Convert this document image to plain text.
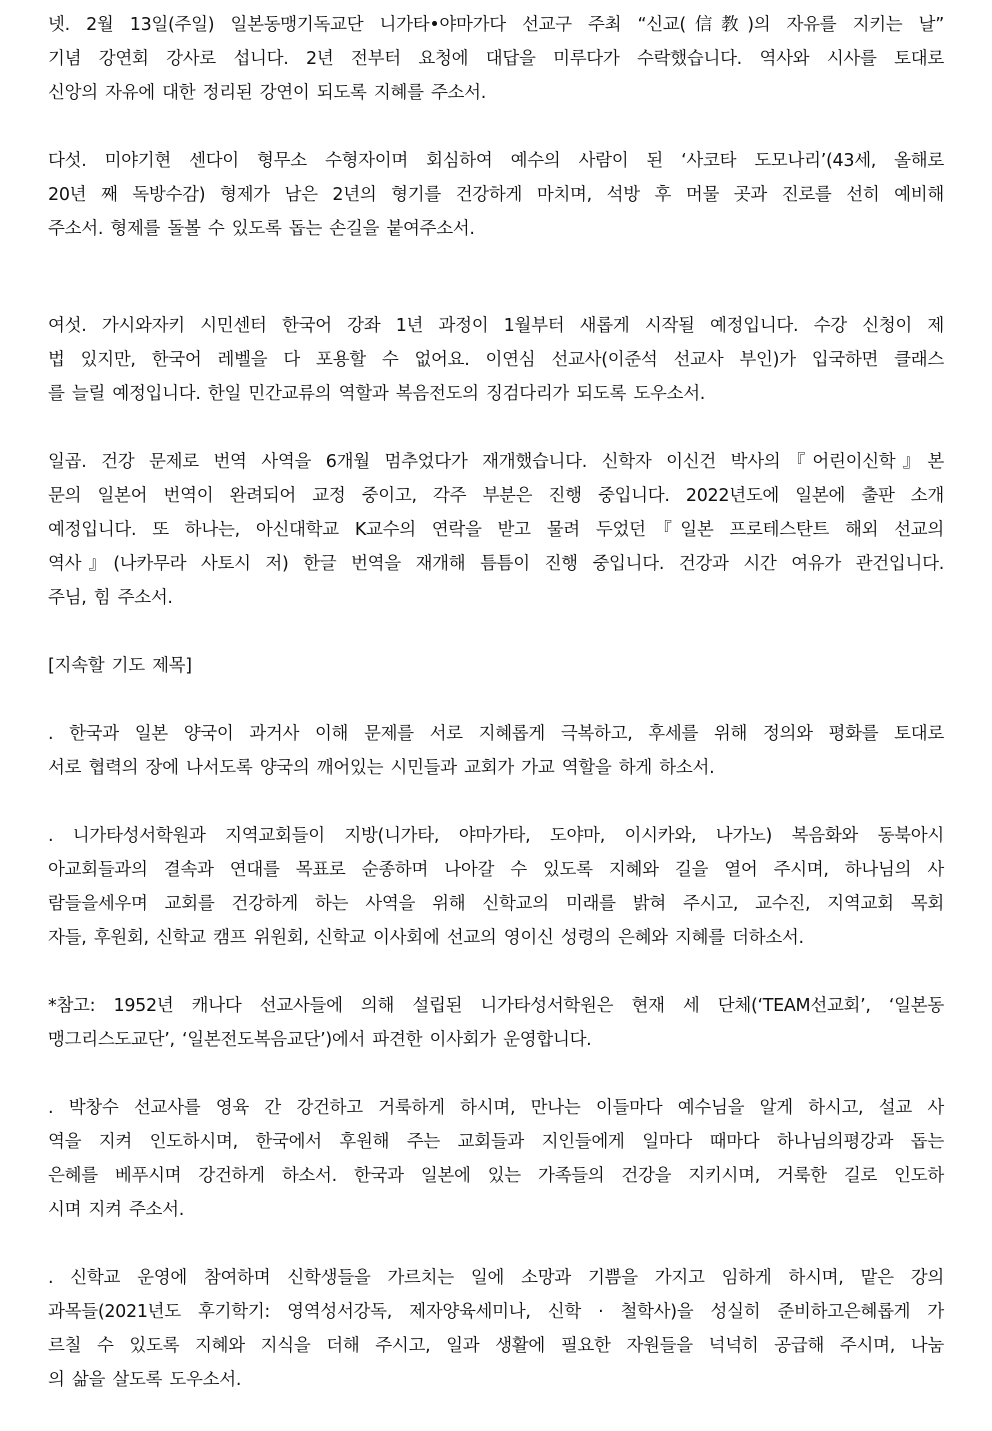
넷. 2월 13일(주일) 일본동맹기독교단 니가타•야마가다 선교구 주최 “신교(信教)의 자유를 지키는 날”
기념 강연회 강사로 섭니다. 2년 전부터 요청에 대답을 미루다가 수락했습니다. 역사와 시사를 토대로
신앙의 자유에 대한 정리된 강연이 되도록 지혜를 주소서.
다섯. 미야기현 센다이 형무소 수형자이며 회심하여 예수의 사람이 된 ‘사코타 도모나리’(43세, 올해로
20년 째 독방수감) 형제가 남은 2년의 형기를 건강하게 마치며, 석방 후 머물 곳과 진로를 선히 예비해
주소서. 형제를 돌볼 수 있도록 돕는 손길을 붙여주소서.
여섯. 가시와자키 시민센터 한국어 강좌 1년 과정이 1월부터 새롭게 시작될 예정입니다. 수강 신청이 제
법 있지만, 한국어 레벨을 다 포용할 수 없어요. 이연심 선교사(이준석 선교사 부인)가 입국하면 클래스
를 늘릴 예정입니다. 한일 민간교류의 역할과 복음전도의 징검다리가 되도록 도우소서.
일곱. 건강 문제로 번역 사역을 6개월 멈추었다가 재개했습니다. 신학자 이신건 박사의『어린이신학』본
문의 일본어 번역이 완려되어 교정 중이고, 각주 부분은 진행 중입니다. 2022년도에 일본에 출판 소개
예정입니다. 또 하나는, 아신대학교 K교수의 연락을 받고 물려 두었던『일본 프로테스탄트 해외 선교의
역사』(나카무라 사토시 저) 한글 번역을 재개해 틈틈이 진행 중입니다. 건강과 시간 여유가 관건입니다.
주님, 힘 주소서.
[지속할 기도 제목]
. 한국과 일본 양국이 과거사 이해 문제를 서로 지혜롭게 극복하고, 후세를 위해 정의와 평화를 토대로
서로 협력의 장에 나서도록 양국의 깨어있는 시민들과 교회가 가교 역할을 하게 하소서.
. 니가타성서학원과 지역교회들이 지방(니가타, 야마가타, 도야마, 이시카와, 나가노) 복음화와 동북아시
아교회들과의 결속과 연대를 목표로 순종하며 나아갈 수 있도록 지혜와 길을 열어 주시며, 하나님의 사
람들을세우며 교회를 건강하게 하는 사역을 위해 신학교의 미래를 밝혀 주시고, 교수진, 지역교회 목회
자들, 후원회, 신학교 캠프 위원회, 신학교 이사회에 선교의 영이신 성령의 은혜와 지혜를 더하소서.
*참고: 1952년 캐나다 선교사들에 의해 설립된 니가타성서학원은 현재 세 단체(‘TEAM선교회’, ‘일본동
맹그리스도교단’, ‘일본전도복음교단’)에서 파견한 이사회가 운영합니다.
. 박창수 선교사를 영육 간 강건하고 거룩하게 하시며, 만나는 이들마다 예수님을 알게 하시고, 설교 사
역을 지켜 인도하시며, 한국에서 후원해 주는 교회들과 지인들에게 일마다 때마다 하나님의평강과 돕는
은혜를 베푸시며 강건하게 하소서. 한국과 일본에 있는 가족들의 건강을 지키시며, 거룩한 길로 인도하
시며 지켜 주소서.
. 신학교 운영에 참여하며 신학생들을 가르치는 일에 소망과 기쁨을 가지고 임하게 하시며, 맡은 강의
과목들(2021년도 후기학기: 영역성서강독, 제자양육세미나, 신학 · 철학사)을 성실히 준비하고은혜롭게 가
르칠 수 있도록 지혜와 지식을 더해 주시고, 일과 생활에 필요한 자원들을 넉넉히 공급해 주시며, 나눔
의 삶을 살도록 도우소서.
